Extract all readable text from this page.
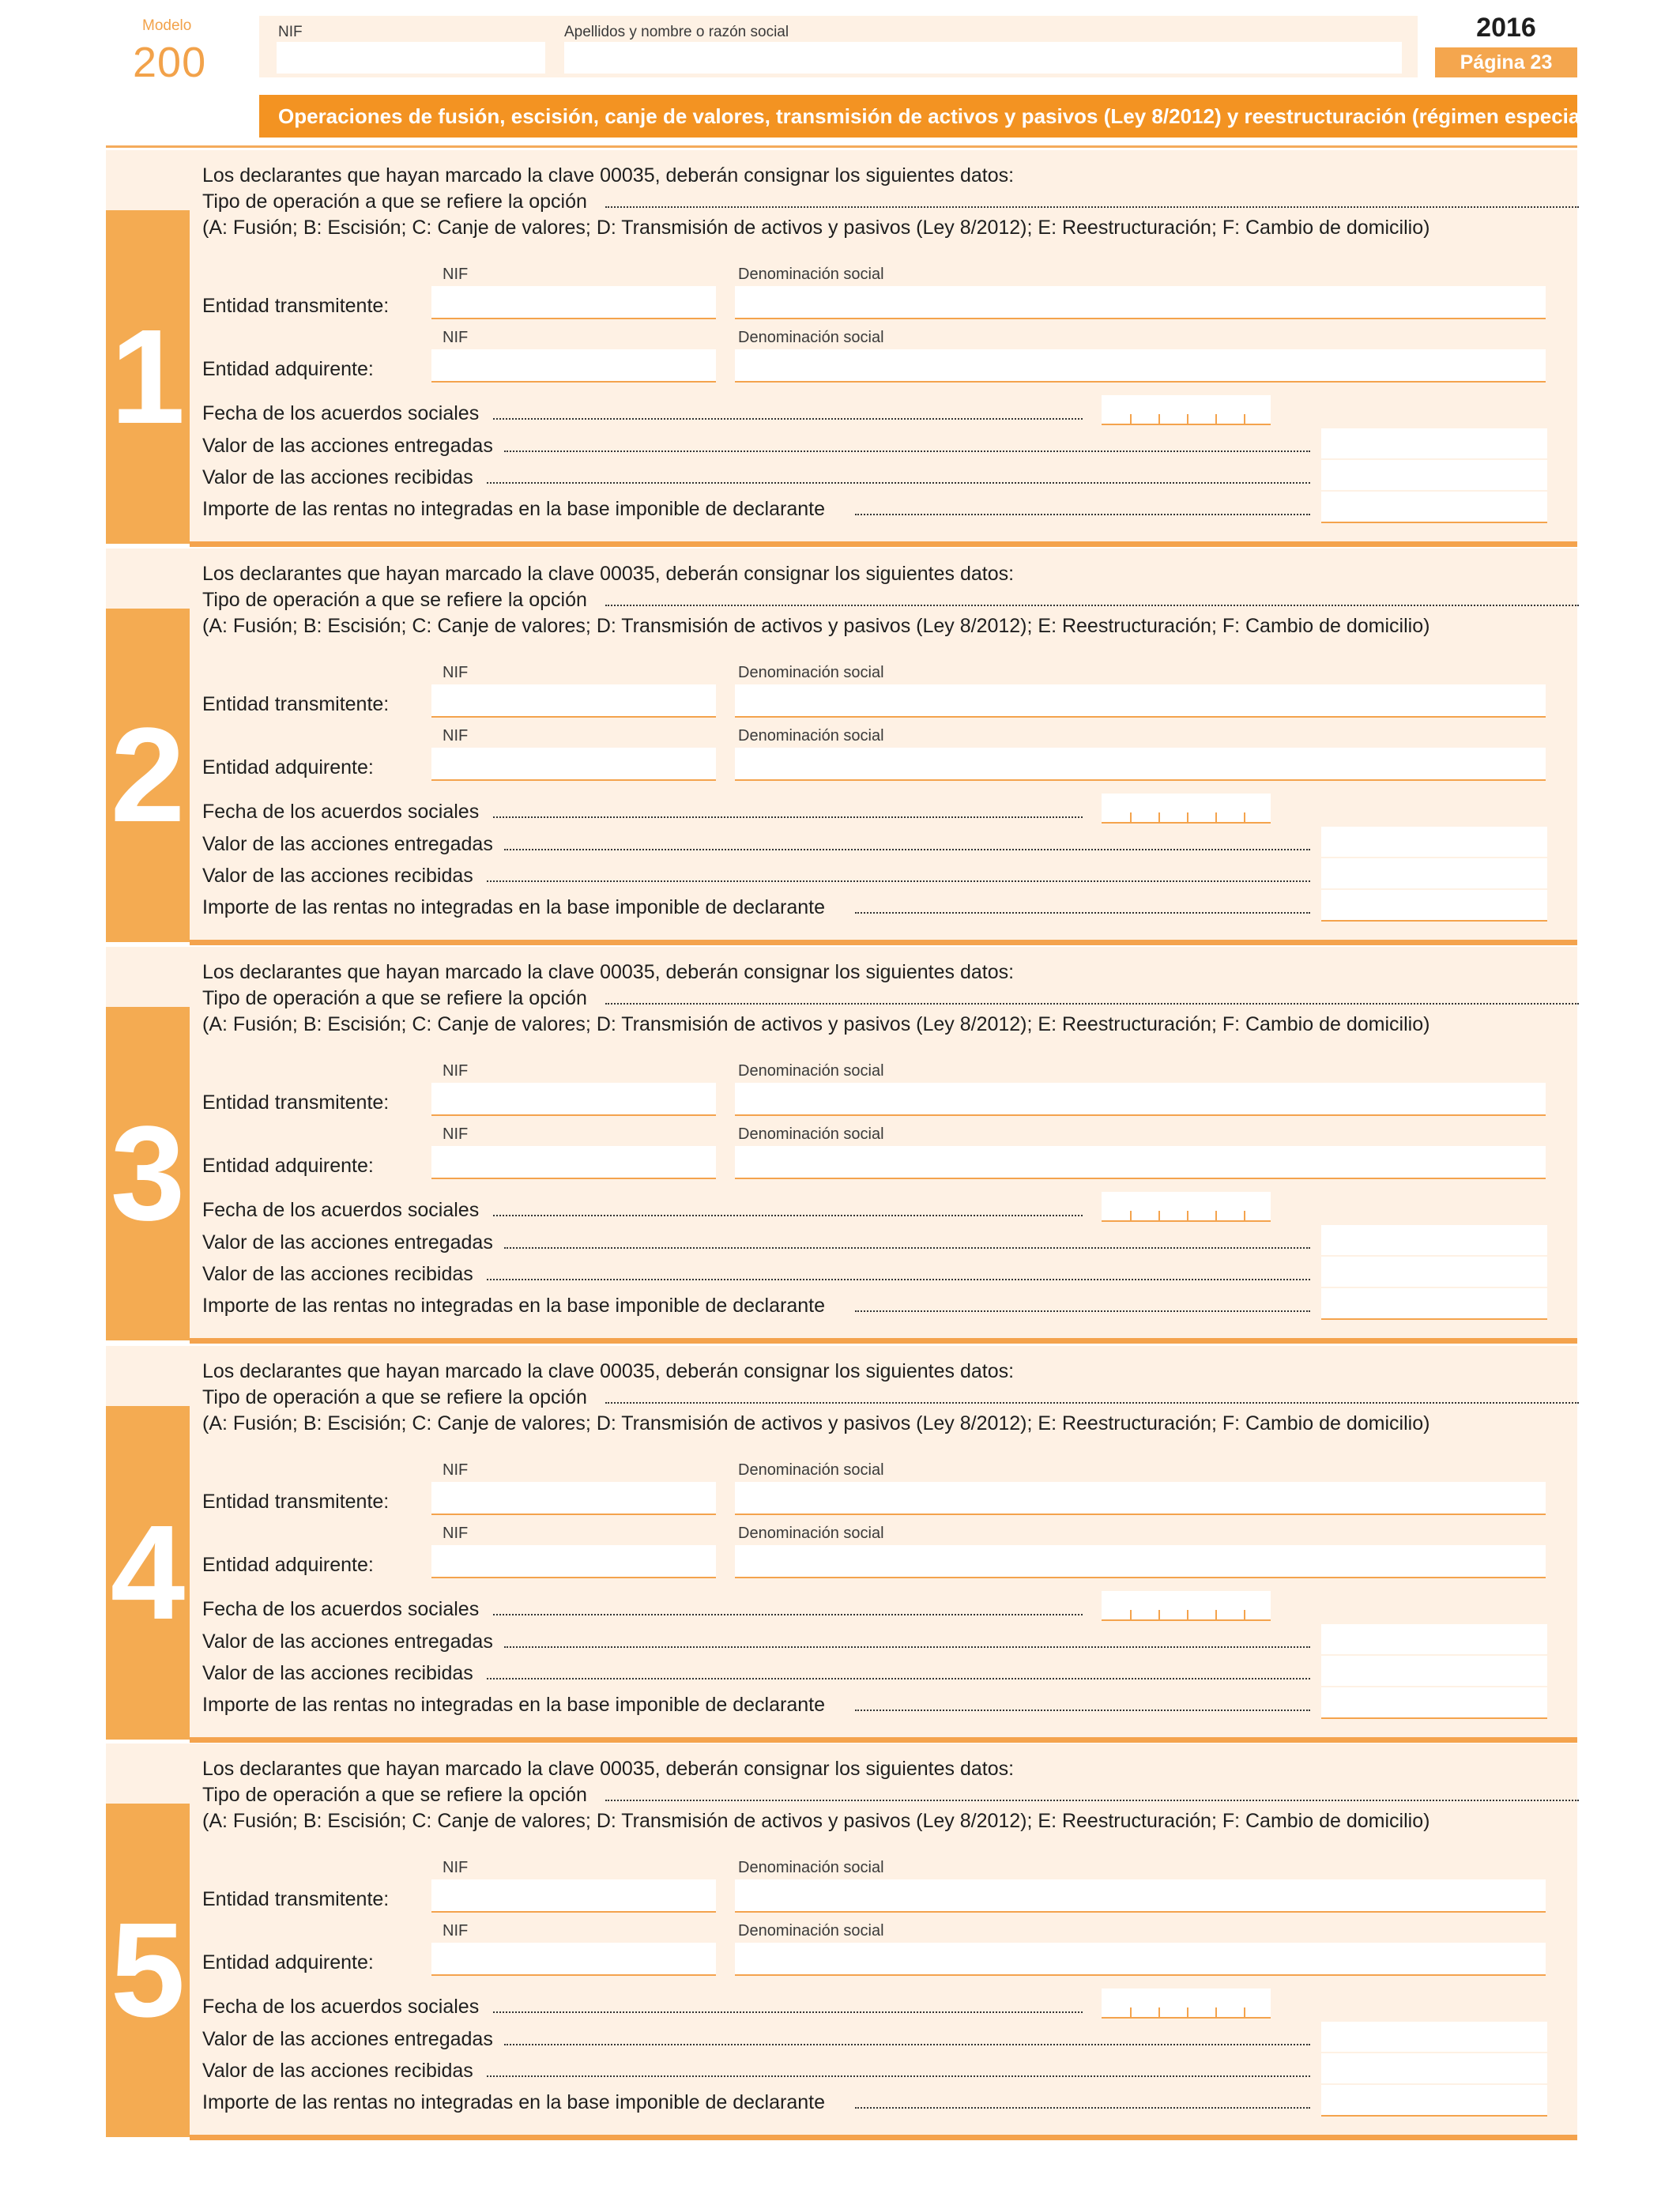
Modelo
200
NIF	Apellidos y nombre o razón social	2016
Página 23
Operaciones de fusión, escisión, canje de valores, transmisión de activos y pasivos (Ley 8/2012) y reestructuración (régimen especial).
1
Los declarantes que hayan marcado la clave 00035, deberán consignar los siguientes datos:
Tipo de operación a que se refiere la opción
(A: Fusión; B: Escisión; C: Canje de valores; D: Transmisión de activos y pasivos (Ley 8/2012); E: Reestructuración; F: Cambio de domicilio)
NIF	Denominación social
Entidad transmitente:
NIF	Denominación social
Entidad adquirente:
Fecha de los acuerdos sociales
Valor de las acciones entregadas
Valor de las acciones recibidas
Importe de las rentas no integradas en la base imponible de declarante
2
Los declarantes que hayan marcado la clave 00035, deberán consignar los siguientes datos:
Tipo de operación a que se refiere la opción
(A: Fusión; B: Escisión; C: Canje de valores; D: Transmisión de activos y pasivos (Ley 8/2012); E: Reestructuración; F: Cambio de domicilio)
NIF	Denominación social
Entidad transmitente:
NIF	Denominación social
Entidad adquirente:
Fecha de los acuerdos sociales
Valor de las acciones entregadas
Valor de las acciones recibidas
Importe de las rentas no integradas en la base imponible de declarante
3
Los declarantes que hayan marcado la clave 00035, deberán consignar los siguientes datos:
Tipo de operación a que se refiere la opción
(A: Fusión; B: Escisión; C: Canje de valores; D: Transmisión de activos y pasivos (Ley 8/2012); E: Reestructuración; F: Cambio de domicilio)
NIF	Denominación social
Entidad transmitente:
NIF	Denominación social
Entidad adquirente:
Fecha de los acuerdos sociales
Valor de las acciones entregadas
Valor de las acciones recibidas
Importe de las rentas no integradas en la base imponible de declarante
4
Los declarantes que hayan marcado la clave 00035, deberán consignar los siguientes datos:
Tipo de operación a que se refiere la opción
(A: Fusión; B: Escisión; C: Canje de valores; D: Transmisión de activos y pasivos (Ley 8/2012); E: Reestructuración; F: Cambio de domicilio)
NIF	Denominación social
Entidad transmitente:
NIF	Denominación social
Entidad adquirente:
Fecha de los acuerdos sociales
Valor de las acciones entregadas
Valor de las acciones recibidas
Importe de las rentas no integradas en la base imponible de declarante
5
Los declarantes que hayan marcado la clave 00035, deberán consignar los siguientes datos:
Tipo de operación a que se refiere la opción
(A: Fusión; B: Escisión; C: Canje de valores; D: Transmisión de activos y pasivos (Ley 8/2012); E: Reestructuración; F: Cambio de domicilio)
NIF	Denominación social
Entidad transmitente:
NIF	Denominación social
Entidad adquirente:
Fecha de los acuerdos sociales
Valor de las acciones entregadas
Valor de las acciones recibidas
Importe de las rentas no integradas en la base imponible de declarante
